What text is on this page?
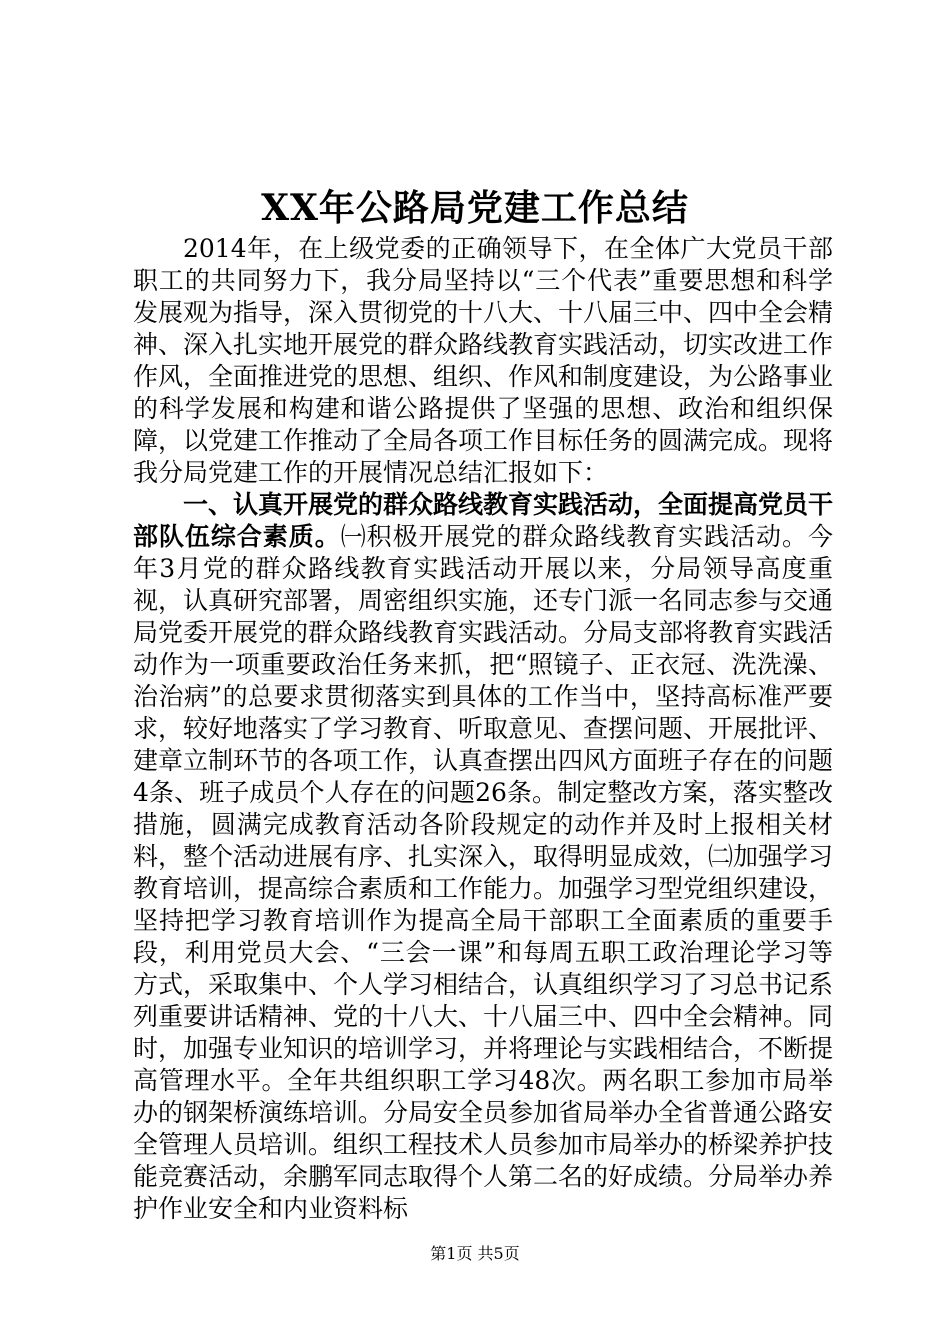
XX年公路局党建工作总结

2014年，在上级党委的正确领导下，在全体广大党员干部职工的共同努力下，我分局坚持以“三个代表”重要思想和科学发展观为指导，深入贯彻党的十八大、十八届三中、四中全会精神、深入扎实地开展党的群众路线教育实践活动，切实改进工作作风，全面推进党的思想、组织、作风和制度建设，为公路事业的科学发展和构建和谐公路提供了坚强的思想、政治和组织保障，以党建工作推动了全局各项工作目标任务的圆满完成。现将我分局党建工作的开展情况总结汇报如下：

一、认真开展党的群众路线教育实践活动，全面提高党员干部队伍综合素质。㈠积极开展党的群众路线教育实践活动。今年3月党的群众路线教育实践活动开展以来，分局领导高度重视，认真研究部署，周密组织实施，还专门派一名同志参与交通局党委开展党的群众路线教育实践活动。分局支部将教育实践活动作为一项重要政治任务来抓，把“照镜子、正衣冠、洗洗澡、治治病”的总要求贯彻落实到具体的工作当中，坚持高标准严要求，较好地落实了学习教育、听取意见、查摆问题、开展批评、建章立制环节的各项工作，认真查摆出四风方面班子存在的问题4条、班子成员个人存在的问题26条。制定整改方案，落实整改措施，圆满完成教育活动各阶段规定的动作并及时上报相关材料，整个活动进展有序、扎实深入，取得明显成效，㈡加强学习教育培训，提高综合素质和工作能力。加强学习型党组织建设，坚持把学习教育培训作为提高全局干部职工全面素质的重要手段，利用党员大会、“三会一课”和每周五职工政治理论学习等方式，采取集中、个人学习相结合，认真组织学习了习总书记系列重要讲话精神、党的十八大、十八届三中、四中全会精神。同时，加强专业知识的培训学习，并将理论与实践相结合，不断提高管理水平。全年共组织职工学习48次。两名职工参加市局举办的钢架桥演练培训。分局安全员参加省局举办全省普通公路安全管理人员培训。组织工程技术人员参加市局举办的桥梁养护技能竞赛活动，余鹏军同志取得个人第二名的好成绩。分局举办养护作业安全和内业资料标

第1页 共5页
